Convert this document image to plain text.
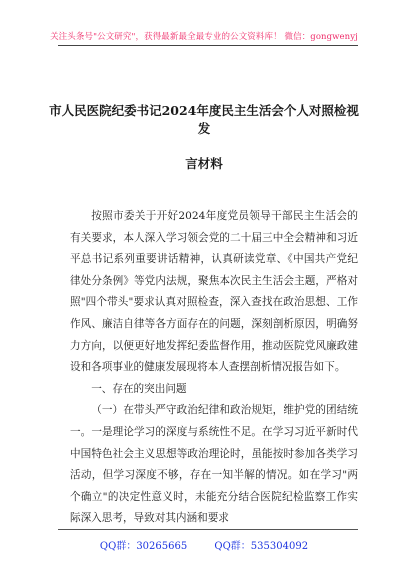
关注头条号"公文研究"，获得最新最全最专业的公文资料库！ 微信：gongwenyj
市人民医院纪委书记2024年度民主生活会个人对照检视发
言材料

按照市委关于开好2024年度党员领导干部民主生活会的有关要求，本人深入学习领会党的二十届三中全会精神和习近平总书记系列重要讲话精神，认真研读党章、《中国共产党纪律处分条例》等党内法规，聚焦本次民主生活会主题，严格对照"四个带头"要求认真对照检查，深入查找在政治思想、工作作风、廉洁自律等各方面存在的问题，深刻剖析原因，明确努力方向，以便更好地发挥纪委监督作用，推动医院党风廉政建设和各项事业的健康发展现将本人查摆剖析情况报告如下。

一、存在的突出问题

（一）在带头严守政治纪律和政治规矩，维护党的团结统一。一是理论学习的深度与系统性不足。在学习习近平新时代中国特色社会主义思想等政治理论时，虽能按时参加各类学习活动，但学习深度不够，存在一知半解的情况。如在学习"两个确立"的决定性意义时，未能充分结合医院纪检监察工作实际深入思考，导致对其内涵和要求

QQ群：30265665	QQ群：535304092
